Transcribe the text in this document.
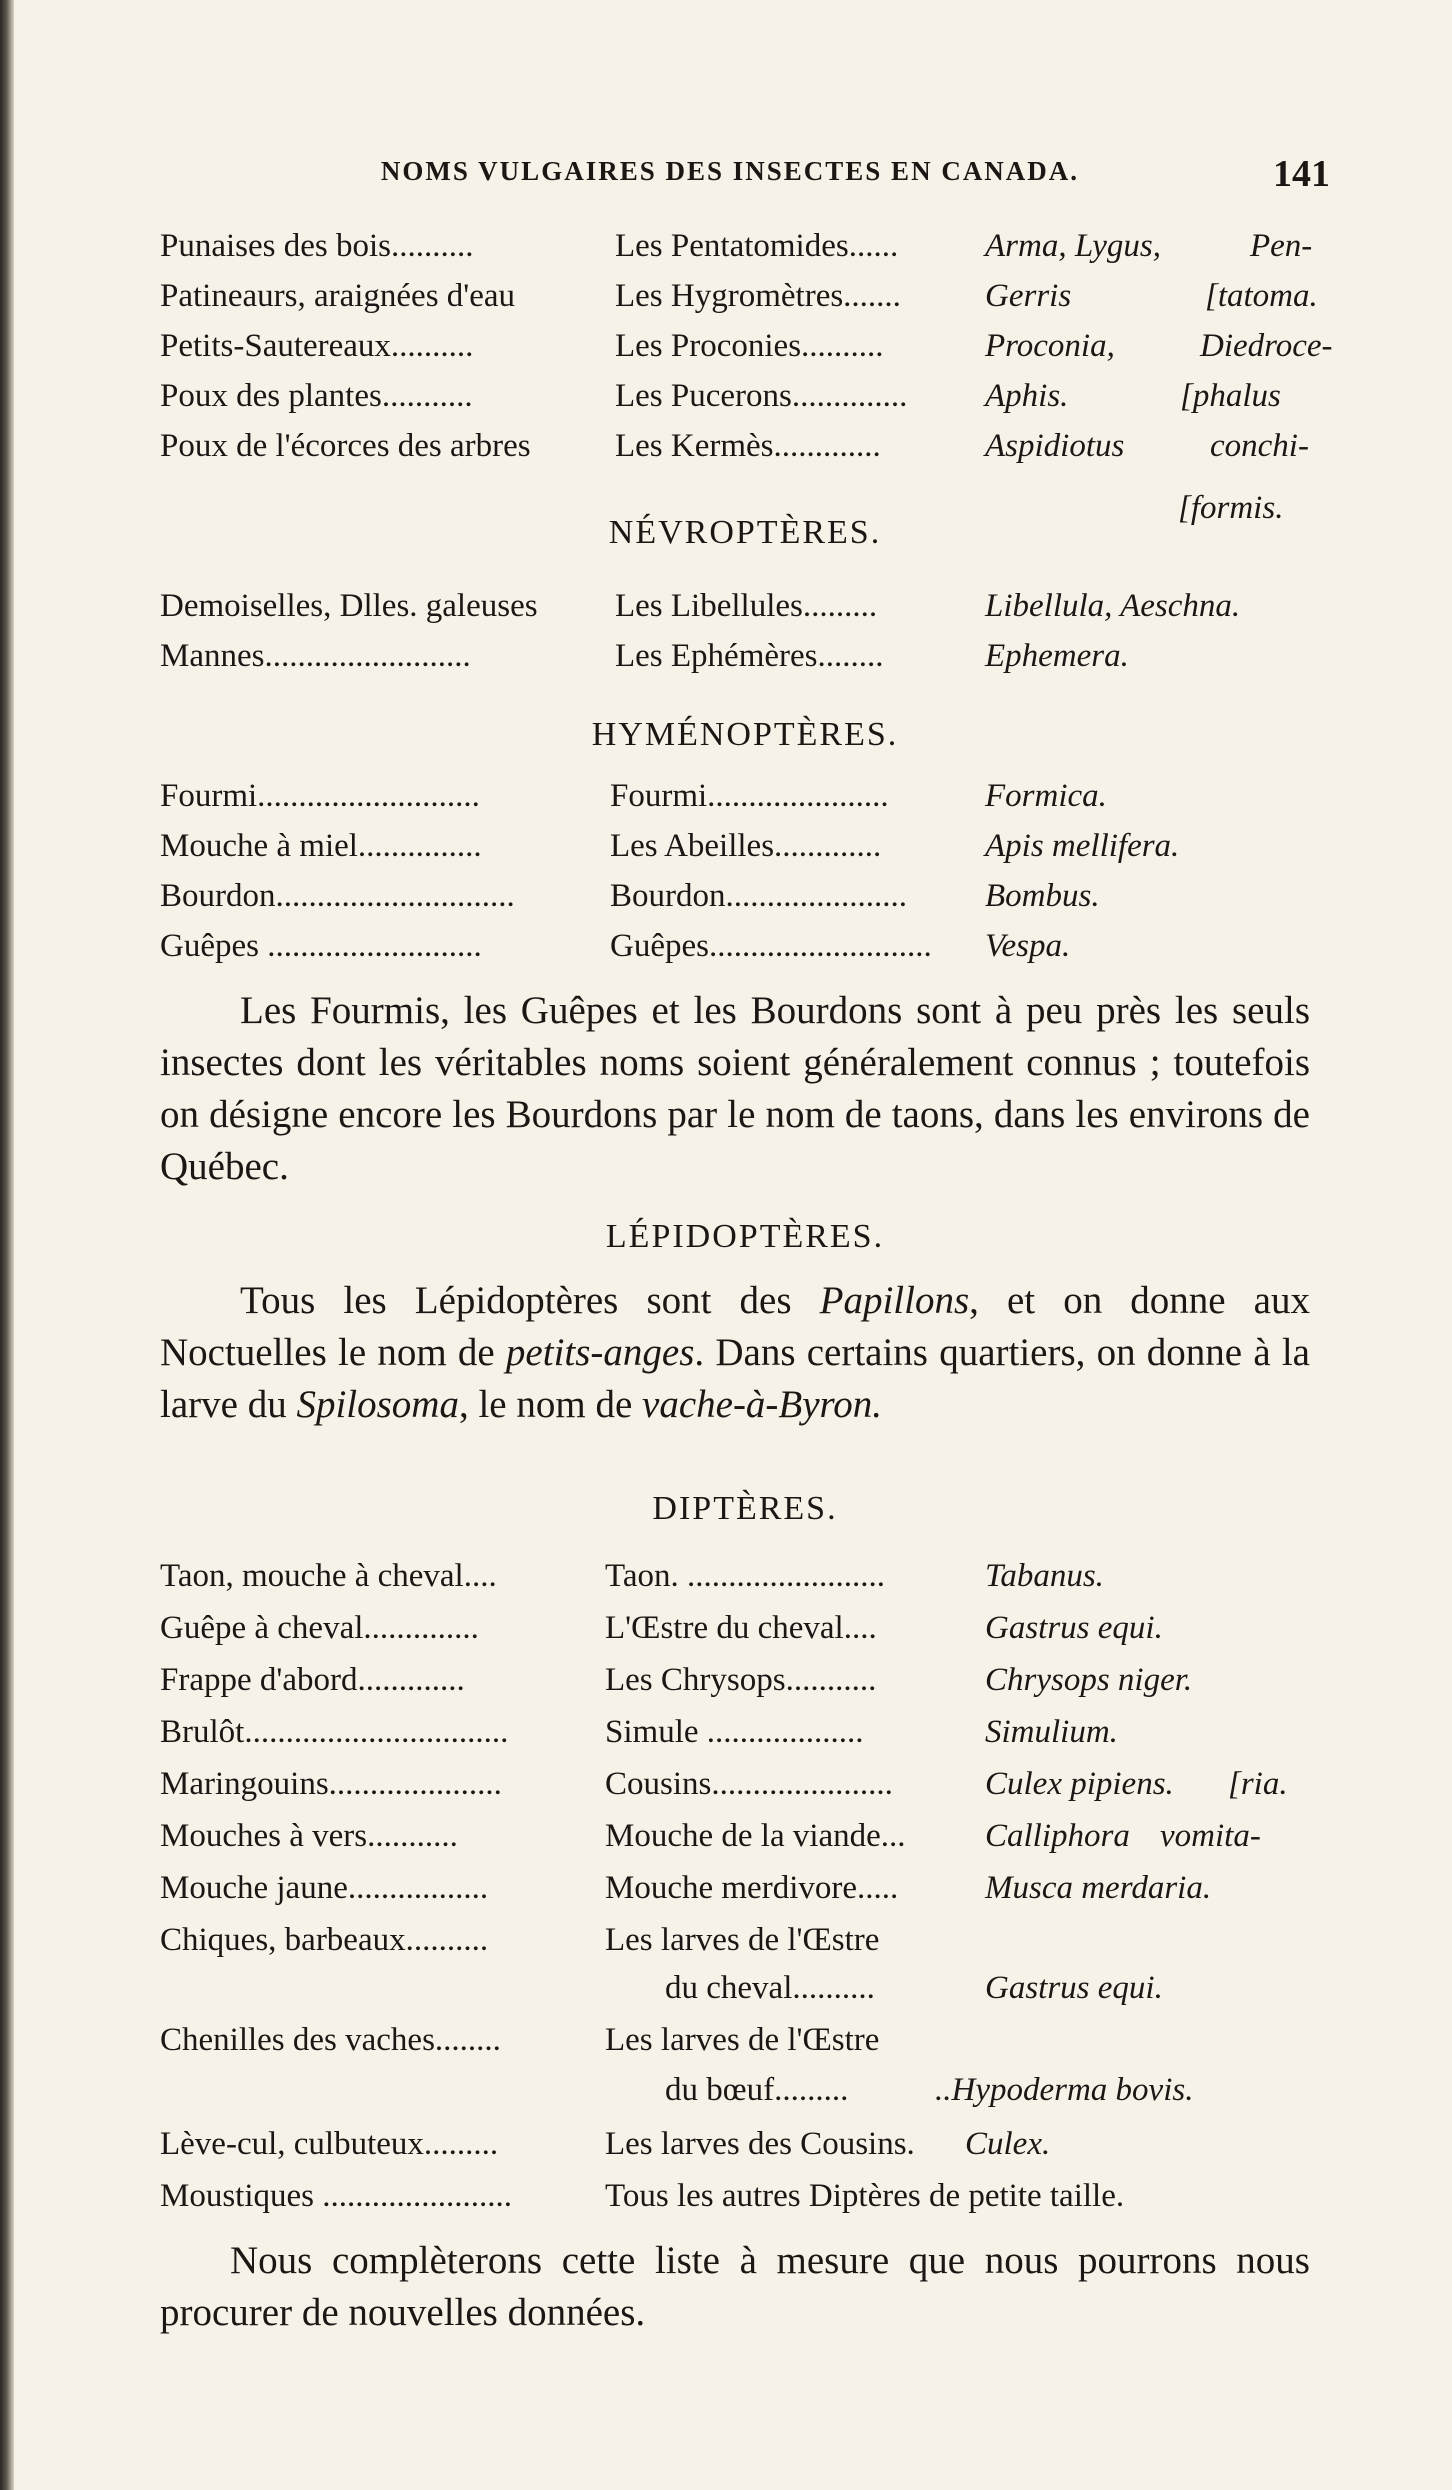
NOMS VULGAIRES DES INSECTES EN CANADA.	141
Punaises des bois..........	Les Pentatomides......	Arma, Lygus,	Pen-
Patineaurs, araignées d'eau	Les Hygromètres.......	Gerris	[tatoma.
Petits-Sautereaux..........	Les Proconies..........	Proconia,	Diedroce-
Poux des plantes...........	Les Pucerons.............. Aphis.	[phalus
Poux de l'écorces des arbres	Les Kermès.............	Aspidiotus	conchi-
[formis.
NÉVROPTÈRES.
Demoiselles, Dlles. galeuses Les Libellules.........	Libellula, Aeschna.
Mannes.........................	Les Ephémères........	Ephemera.
HYMÉNOPTÈRES.
Fourmi...........................	Fourmi......................	Formica.
Mouche à miel...............	Les Abeilles.............	Apis mellifera.
Bourdon.............................	Bourdon...................... Bombus.
Guêpes ..........................	Guêpes........................... Vespa.
Les Fourmis, les Guêpes et les Bourdons sont à peu près les seuls insectes dont les véritables noms soient généralement connus ; toutefois on désigne encore les Bourdons par le nom de taons, dans les environs de Québec.
LÉPIDOPTÈRES.
Tous les Lépidoptères sont des Papillons, et on donne aux Noctuelles le nom de petits-anges. Dans certains quartiers, on donne à la larve du Spilosoma, le nom de vache-à-Byron.
DIPTÈRES.
Taon, mouche à cheval....	Taon. ........................	Tabanus.
Guêpe à cheval..............	L'Œstre du cheval....	Gastrus equi.
Frappe d'abord.............	Les Chrysops...........	Chrysops niger.
Brulôt................................	Simule ...................	Simulium.
Maringouins.....................	Cousins......................	Culex pipiens. [ria.
Mouches à vers...........	Mouche de la viande... Calliphora vomita-
Mouche jaune.................	Mouche merdivore.....	Musca merdaria.
Chiques, barbeaux..........	Les larves de l'Œstre
du cheval..........	Gastrus equi.
Chenilles des vaches........	Les larves de l'Œstre
du bœuf.........	..Hypoderma bovis.
Lève-cul, culbuteux.........	Les larves des Cousins. Culex.
Moustiques .......................	Tous les autres Diptères de petite taille.
Nous complèterons cette liste à mesure que nous pourrons nous procurer de nouvelles données.
